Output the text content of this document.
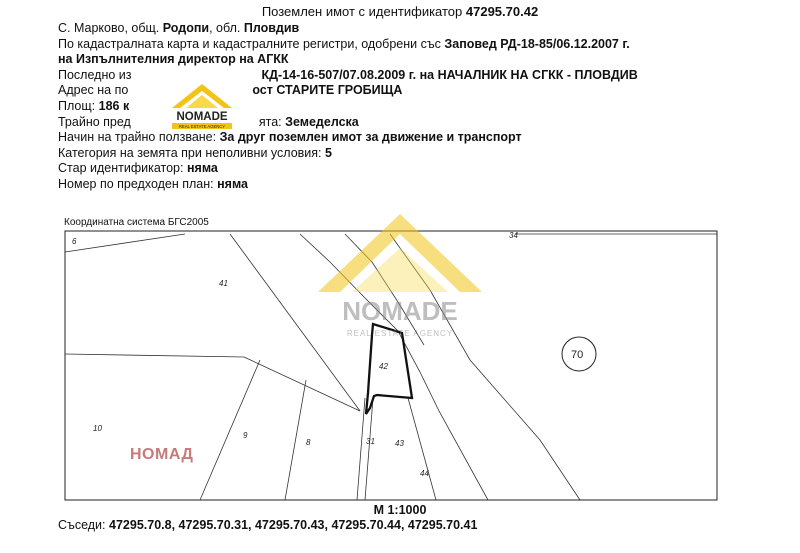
Поземлен имот с идентификатор 47295.70.42
С. Марково, общ. Родопи, обл. Пловдив
По кадастралната карта и кадастралните регистри, одобрени със Заповед РД-18-85/06.12.2007 г.
на Изпълнителния директор на АГКК
Последно из	КД-14-16-507/07.08.2009 г. на НАЧАЛНИК НА СГКК - ПЛОВДИВ
Адрес на по	ост СТАРИТЕ ГРОБИЩА
Площ: 186 к
Трайно пред	ята: Земеделска
Начин на трайно ползване: За друг поземлен имот за движение и транспорт
Категория на земята при неполивни условия: 5
Стар идентификатор: няма
Номер по предходен план: няма
NOMADE
REAL ESTATE AGENCY
Координатна система БГС2005
6
34
41
42
70
10
9
8	31	43
44
NOMADE
REAL ESTATE AGENCY
НОМАД
М 1:1000
Съседи: 47295.70.8, 47295.70.31, 47295.70.43, 47295.70.44, 47295.70.41
